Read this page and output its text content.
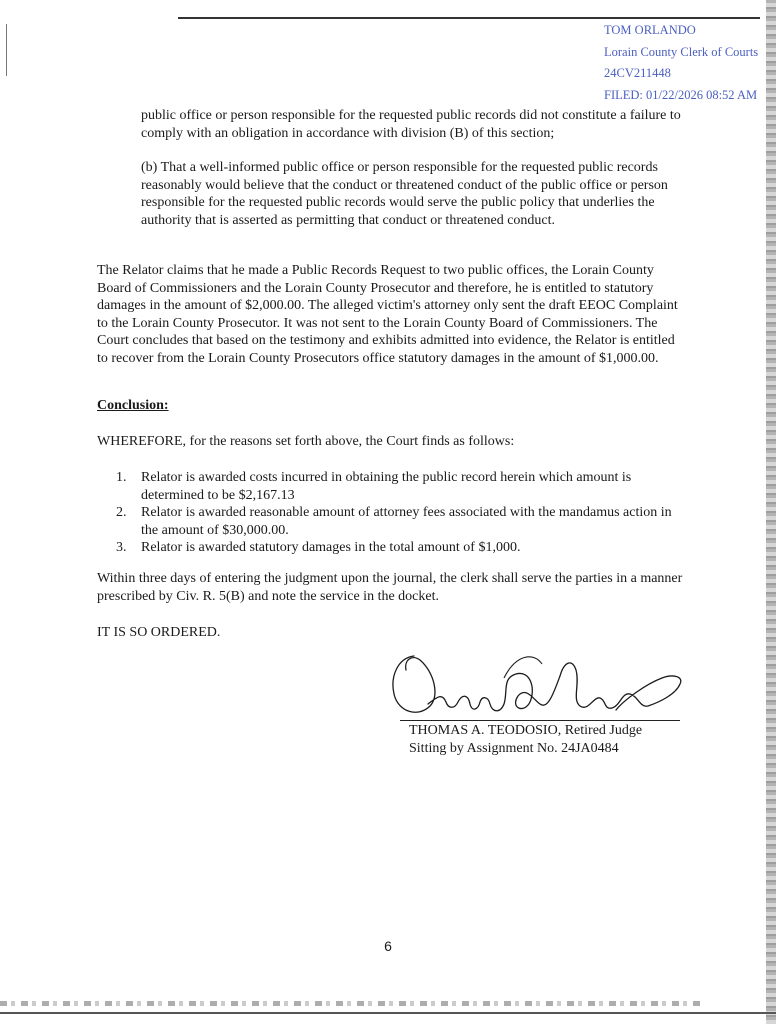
TOM ORLANDO
Lorain County Clerk of Courts
24CV211448
FILED: 01/22/2026 08:52 AM
public office or person responsible for the requested public records did not constitute a failure to comply with an obligation in accordance with division (B) of this section;
(b) That a well-informed public office or person responsible for the requested public records reasonably would believe that the conduct or threatened conduct of the public office or person responsible for the requested public records would serve the public policy that underlies the authority that is asserted as permitting that conduct or threatened conduct.
The Relator claims that he made a Public Records Request to two public offices, the Lorain County Board of Commissioners and the Lorain County Prosecutor and therefore, he is entitled to statutory damages in the amount of $2,000.00. The alleged victim's attorney only sent the draft EEOC Complaint to the Lorain County Prosecutor. It was not sent to the Lorain County Board of Commissioners. The Court concludes that based on the testimony and exhibits admitted into evidence, the Relator is entitled to recover from the Lorain County Prosecutors office statutory damages in the amount of $1,000.00.
Conclusion:
WHEREFORE, for the reasons set forth above, the Court finds as follows:
1. Relator is awarded costs incurred in obtaining the public record herein which amount is determined to be $2,167.13
2. Relator is awarded reasonable amount of attorney fees associated with the mandamus action in the amount of $30,000.00.
3. Relator is awarded statutory damages in the total amount of $1,000.
Within three days of entering the judgment upon the journal, the clerk shall serve the parties in a manner prescribed by Civ. R. 5(B) and note the service in the docket.
IT IS SO ORDERED.
THOMAS A. TEODOSIO, Retired Judge
Sitting by Assignment No. 24JA0484
6
